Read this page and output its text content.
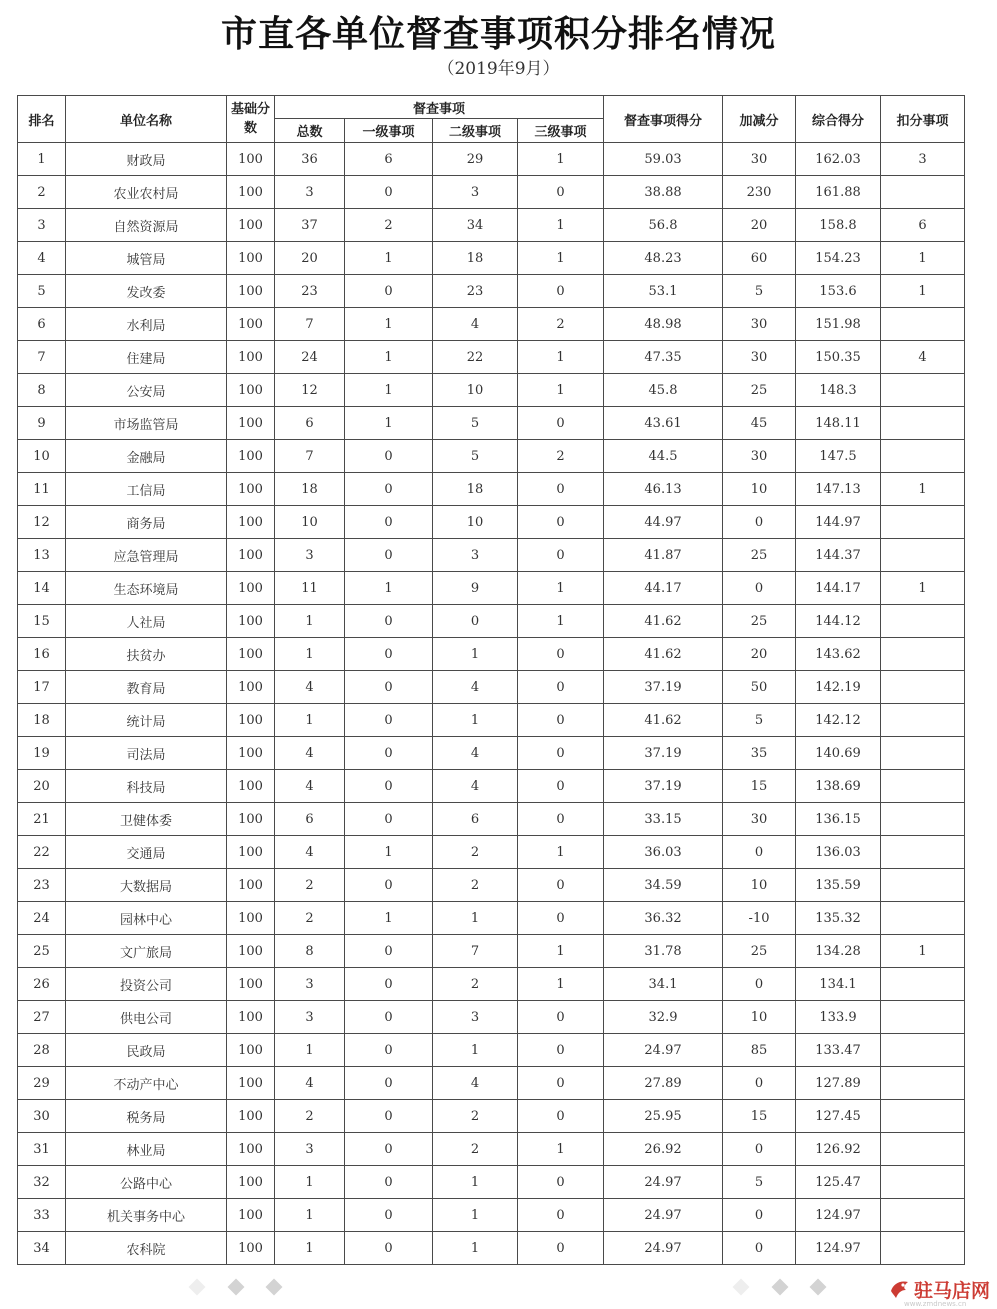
市直各单位督查事项积分排名情况
（2019年9月）
排名	单位名称	基础分数	督查事项				督查事项得分	加减分	综合得分	扣分事项
			总数	一级事项	二级事项	三级事项				
1	财政局	100	36	6	29	1	59.03	30	162.03	3
2	农业农村局	100	3	0	3	0	38.88	230	161.88	
3	自然资源局	100	37	2	34	1	56.8	20	158.8	6
4	城管局	100	20	1	18	1	48.23	60	154.23	1
5	发改委	100	23	0	23	0	53.1	5	153.6	1
6	水利局	100	7	1	4	2	48.98	30	151.98	
7	住建局	100	24	1	22	1	47.35	30	150.35	4
8	公安局	100	12	1	10	1	45.8	25	148.3	
9	市场监管局	100	6	1	5	0	43.61	45	148.11	
10	金融局	100	7	0	5	2	44.5	30	147.5	
11	工信局	100	18	0	18	0	46.13	10	147.13	1
12	商务局	100	10	0	10	0	44.97	0	144.97	
13	应急管理局	100	3	0	3	0	41.87	25	144.37	
14	生态环境局	100	11	1	9	1	44.17	0	144.17	1
15	人社局	100	1	0	0	1	41.62	25	144.12	
16	扶贫办	100	1	0	1	0	41.62	20	143.62	
17	教育局	100	4	0	4	0	37.19	50	142.19	
18	统计局	100	1	0	1	0	41.62	5	142.12	
19	司法局	100	4	0	4	0	37.19	35	140.69	
20	科技局	100	4	0	4	0	37.19	15	138.69	
21	卫健体委	100	6	0	6	0	33.15	30	136.15	
22	交通局	100	4	1	2	1	36.03	0	136.03	
23	大数据局	100	2	0	2	0	34.59	10	135.59	
24	园林中心	100	2	1	1	0	36.32	-10	135.32	
25	文广旅局	100	8	0	7	1	31.78	25	134.28	1
26	投资公司	100	3	0	2	1	34.1	0	134.1	
27	供电公司	100	3	0	3	0	32.9	10	133.9	
28	民政局	100	1	0	1	0	24.97	85	133.47	
29	不动产中心	100	4	0	4	0	27.89	0	127.89	
30	税务局	100	2	0	2	0	25.95	15	127.45	
31	林业局	100	3	0	2	1	26.92	0	126.92	
32	公路中心	100	1	0	1	0	24.97	5	125.47	
33	机关事务中心	100	1	0	1	0	24.97	0	124.97	
34	农科院	100	1	0	1	0	24.97	0	124.97	
驻马店网
www.zmdnews.cn
